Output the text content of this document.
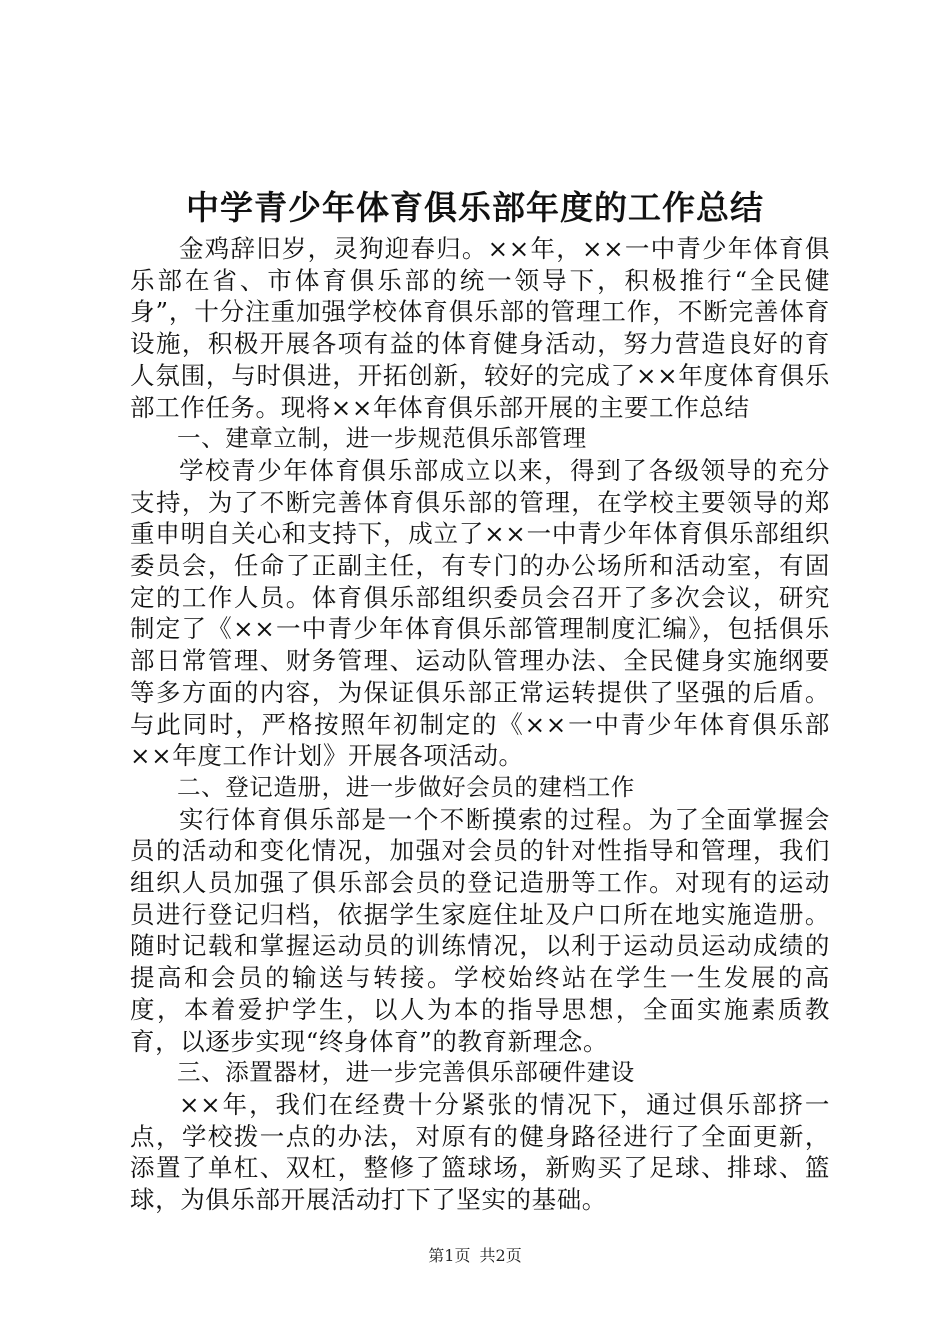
中学青少年体育俱乐部年度的工作总结

金鸡辞旧岁，灵狗迎春归。××年，××一中青少年体育俱乐部在省、市体育俱乐部的统一领导下，积极推行“全民健身”，十分注重加强学校体育俱乐部的管理工作，不断完善体育设施，积极开展各项有益的体育健身活动，努力营造良好的育人氛围，与时俱进，开拓创新，较好的完成了××年度体育俱乐部工作任务。现将××年体育俱乐部开展的主要工作总结

一、建章立制，进一步规范俱乐部管理

学校青少年体育俱乐部成立以来，得到了各级领导的充分支持，为了不断完善体育俱乐部的管理，在学校主要领导的郑重申明自关心和支持下，成立了××一中青少年体育俱乐部组织委员会，任命了正副主任，有专门的办公场所和活动室，有固定的工作人员。体育俱乐部组织委员会召开了多次会议，研究制定了《××一中青少年体育俱乐部管理制度汇编》，包括俱乐部日常管理、财务管理、运动队管理办法、全民健身实施纲要等多方面的内容，为保证俱乐部正常运转提供了坚强的后盾。与此同时，严格按照年初制定的《××一中青少年体育俱乐部××年度工作计划》开展各项活动。

二、登记造册，进一步做好会员的建档工作

实行体育俱乐部是一个不断摸索的过程。为了全面掌握会员的活动和变化情况，加强对会员的针对性指导和管理，我们组织人员加强了俱乐部会员的登记造册等工作。对现有的运动员进行登记归档，依据学生家庭住址及户口所在地实施造册。随时记载和掌握运动员的训练情况，以利于运动员运动成绩的提高和会员的输送与转接。学校始终站在学生一生发展的高度，本着爱护学生，以人为本的指导思想，全面实施素质教育，以逐步实现“终身体育”的教育新理念。

三、添置器材，进一步完善俱乐部硬件建设

××年，我们在经费十分紧张的情况下，通过俱乐部挤一点，学校拨一点的办法，对原有的健身路径进行了全面更新，添置了单杠、双杠，整修了篮球场，新购买了足球、排球、篮球，为俱乐部开展活动打下了坚实的基础。

第1页 共2页
